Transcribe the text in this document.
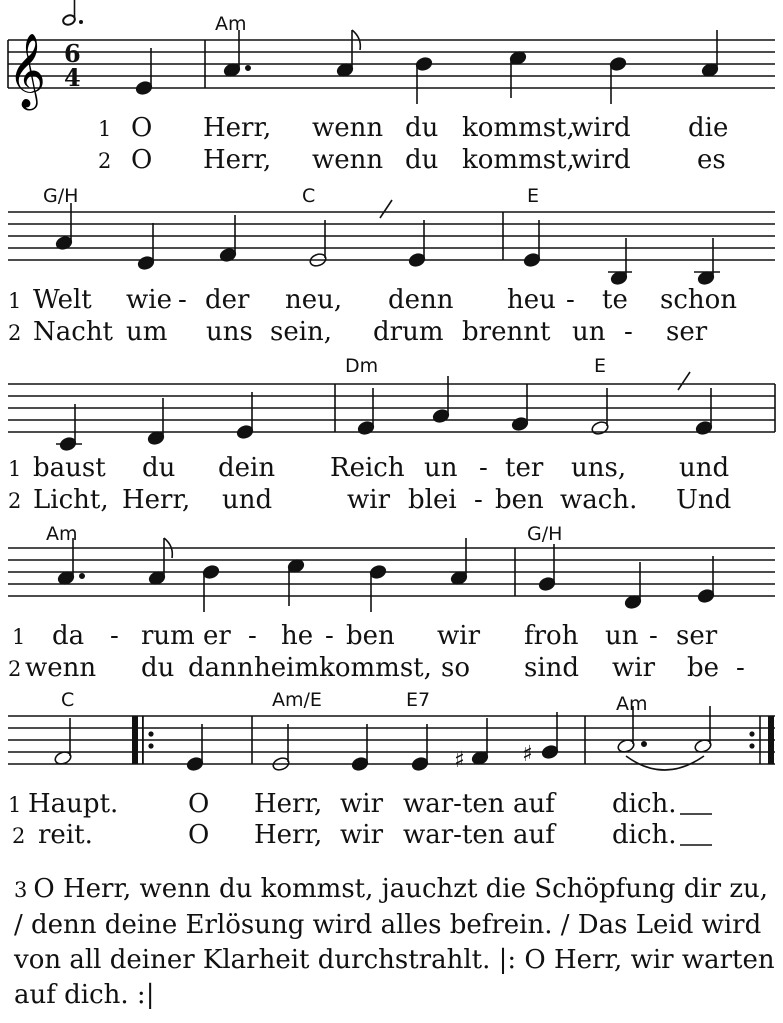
𝄞 6
4
Am
1 O Herr, wenn du kommst,
wird die
2 O Herr, wenn du kommst,
wird	es
G/H	C	E
1 Welt wie - der neu, denn heu - te schon
2 Nacht um uns sein, drum brennt un - ser
Dm	E
1 baust du dein Reich un - ter uns, und
2 Licht, Herr, und	wir blei - ben wach. Und
Am	G/H
1 da - rum er - he - ben wir froh un - ser
2 wenn du dann heimkommst, so sind wir be -
C	Am/E	E7	Am
♯	♯
1 Haupt.	O Herr, wir war-ten auf dich.
2 reit.	O Herr, wir war-ten auf dich.
3 O Herr, wenn du kommst, jauchzt die Schöpfung dir zu, / denn deine Erlösung wird alles befrein. / Das Leid wird von all deiner Klarheit durchstrahlt. |: O Herr, wir warten auf dich. :|
